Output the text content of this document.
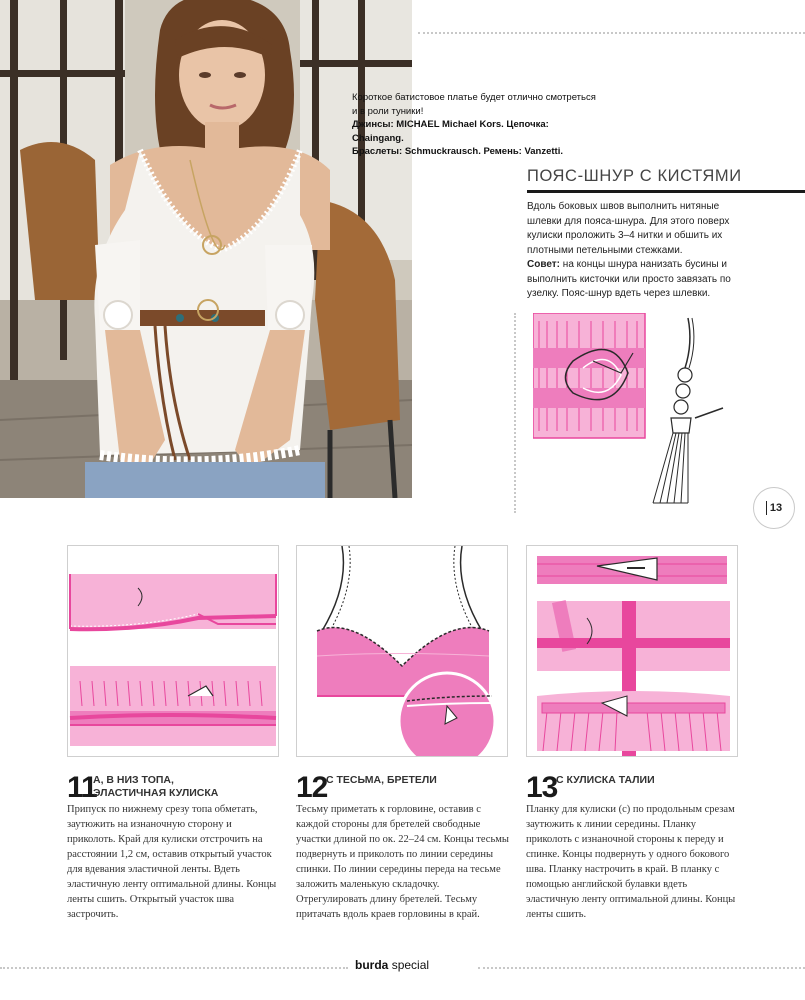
Короткое батистовое платье будет отлично смотреться
и в роли туники!
Джинсы: MICHAEL Michael Kors. Цепочка: Chaingang.
Браслеты: Schmuckrausch. Ремень: Vanzetti.
ПОЯС-ШНУР С КИСТЯМИ
Вдоль боковых швов выполнить нитяные шлевки для пояса-шнура. Для этого поверх кулиски проложить 3–4 нитки и обшить их плотными петельными стежками.
Совет: на концы шнура нанизать бусины и выполнить кисточки или просто завязать по узелку. Пояс-шнур вдеть через шлевки.
13
11
А, В НИЗ ТОПА,
ЭЛАСТИЧНАЯ КУЛИСКА
Припуск по нижнему срезу топа обметать, заутюжить на изнаночную сторону и приколоть. Край для кулиски отстрочить на расстоянии 1,2 см, оставив открытый участок для вдевания эластичной ленты. Вдеть эластичную ленту оптимальной длины. Концы ленты сшить. Открытый участок шва застрочить.
12
С ТЕСЬМА, БРЕТЕЛИ
Тесьму приметать к горловине, оставив с каждой стороны для бретелей свободные участки длиной по ок. 22–24 см. Концы тесьмы подвернуть и приколоть по линии середины спинки. По линии середины переда на тесьме заложить маленькую складочку. Отрегулировать длину бретелей. Тесьму притачать вдоль краев горловины в край.
13
С КУЛИСКА ТАЛИИ
Планку для кулиски (с) по продольным срезам заутюжить к линии середины. Планку приколоть с изнаночной стороны к переду и спинке. Концы подвернуть у одного бокового шва. Планку настрочить в край. В планку с помощью английской булавки вдеть эластичную ленту оптимальной длины. Концы ленты сшить.
burda special
